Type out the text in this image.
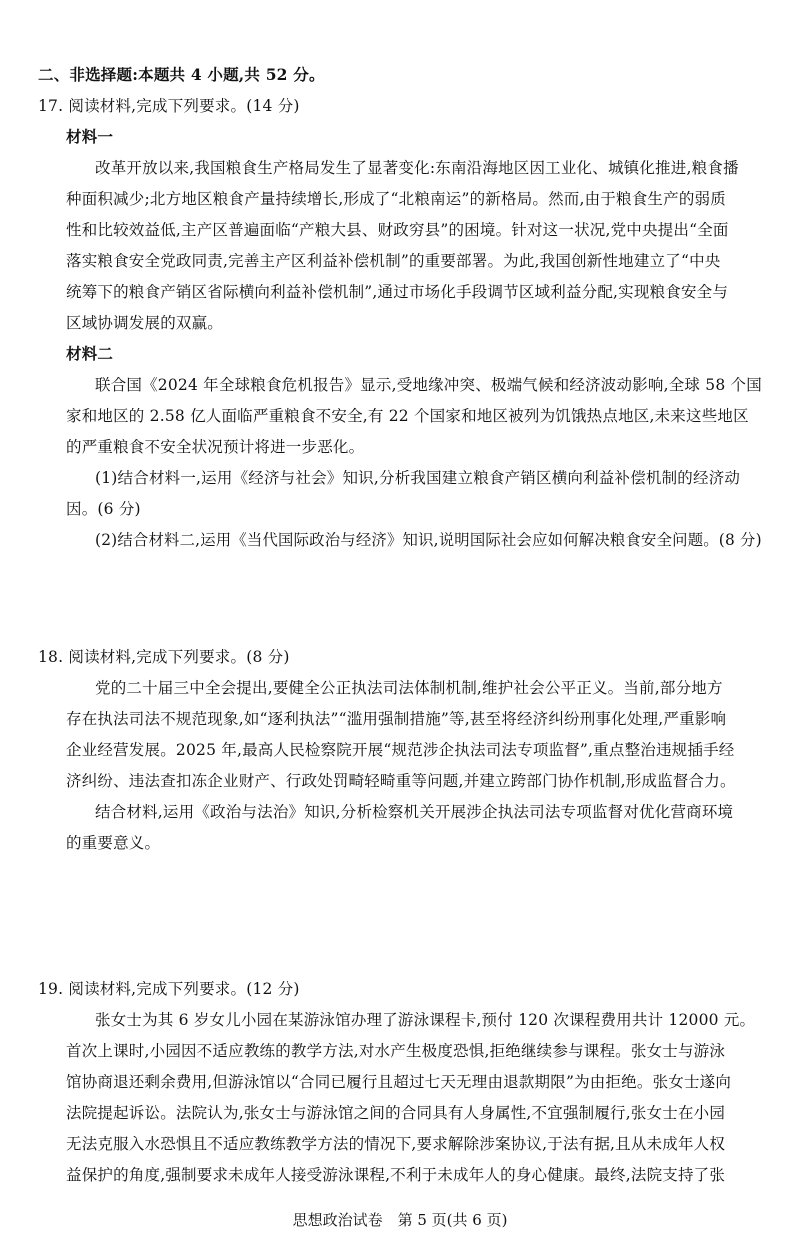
二、非选择题:本题共 4 小题,共 52 分。
17. 阅读材料,完成下列要求。(14 分)
材料一
改革开放以来,我国粮食生产格局发生了显著变化:东南沿海地区因工业化、城镇化推进,粮食播
种面积减少;北方地区粮食产量持续增长,形成了“北粮南运”的新格局。然而,由于粮食生产的弱质
性和比较效益低,主产区普遍面临“产粮大县、财政穷县”的困境。针对这一状况,党中央提出“全面
落实粮食安全党政同责,完善主产区利益补偿机制”的重要部署。为此,我国创新性地建立了“中央
统筹下的粮食产销区省际横向利益补偿机制”,通过市场化手段调节区域利益分配,实现粮食安全与
区域协调发展的双赢。
材料二
联合国《2024 年全球粮食危机报告》显示,受地缘冲突、极端气候和经济波动影响,全球 58 个国
家和地区的 2.58 亿人面临严重粮食不安全,有 22 个国家和地区被列为饥饿热点地区,未来这些地区
的严重粮食不安全状况预计将进一步恶化。
(1)结合材料一,运用《经济与社会》知识,分析我国建立粮食产销区横向利益补偿机制的经济动
因。(6 分)
(2)结合材料二,运用《当代国际政治与经济》知识,说明国际社会应如何解决粮食安全问题。(8 分)
18. 阅读材料,完成下列要求。(8 分)
党的二十届三中全会提出,要健全公正执法司法体制机制,维护社会公平正义。当前,部分地方
存在执法司法不规范现象,如“逐利执法”“滥用强制措施”等,甚至将经济纠纷刑事化处理,严重影响
企业经营发展。2025 年,最高人民检察院开展“规范涉企执法司法专项监督”,重点整治违规插手经
济纠纷、违法查扣冻企业财产、行政处罚畸轻畸重等问题,并建立跨部门协作机制,形成监督合力。
结合材料,运用《政治与法治》知识,分析检察机关开展涉企执法司法专项监督对优化营商环境
的重要意义。
19. 阅读材料,完成下列要求。(12 分)
张女士为其 6 岁女儿小园在某游泳馆办理了游泳课程卡,预付 120 次课程费用共计 12000 元。
首次上课时,小园因不适应教练的教学方法,对水产生极度恐惧,拒绝继续参与课程。张女士与游泳
馆协商退还剩余费用,但游泳馆以“合同已履行且超过七天无理由退款期限”为由拒绝。张女士遂向
法院提起诉讼。法院认为,张女士与游泳馆之间的合同具有人身属性,不宜强制履行,张女士在小园
无法克服入水恐惧且不适应教练教学方法的情况下,要求解除涉案协议,于法有据,且从未成年人权
益保护的角度,强制要求未成年人接受游泳课程,不利于未成年人的身心健康。最终,法院支持了张
思想政治试卷　第 5 页(共 6 页)
